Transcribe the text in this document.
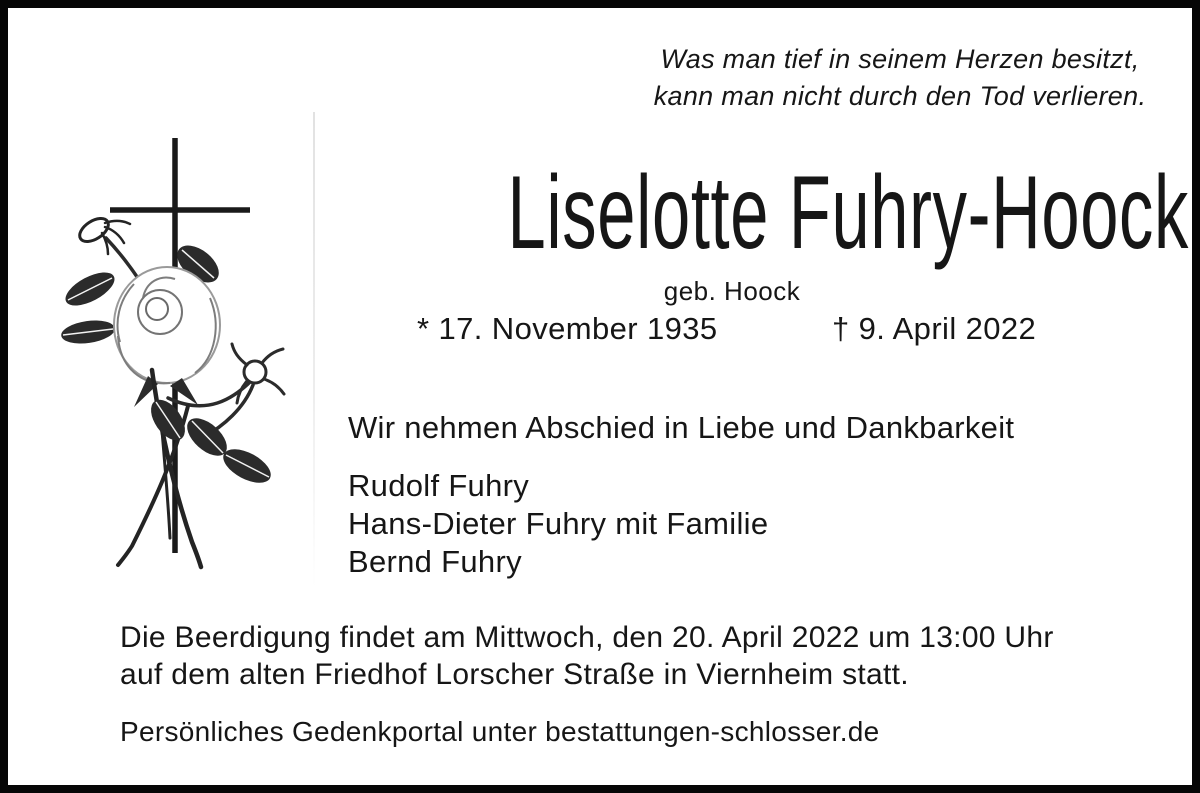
Was man tief in seinem Herzen besitzt,
kann man nicht durch den Tod verlieren.
Liselotte Fuhry-Hoock
geb. Hoock
* 17. November 1935	† 9. April 2022
Wir nehmen Abschied in Liebe und Dankbarkeit
Rudolf Fuhry
Hans-Dieter Fuhry mit Familie
Bernd Fuhry
Die Beerdigung findet am Mittwoch, den 20. April 2022 um 13:00 Uhr
auf dem alten Friedhof Lorscher Straße in Viernheim statt.
Persönliches Gedenkportal unter bestattungen-schlosser.de
